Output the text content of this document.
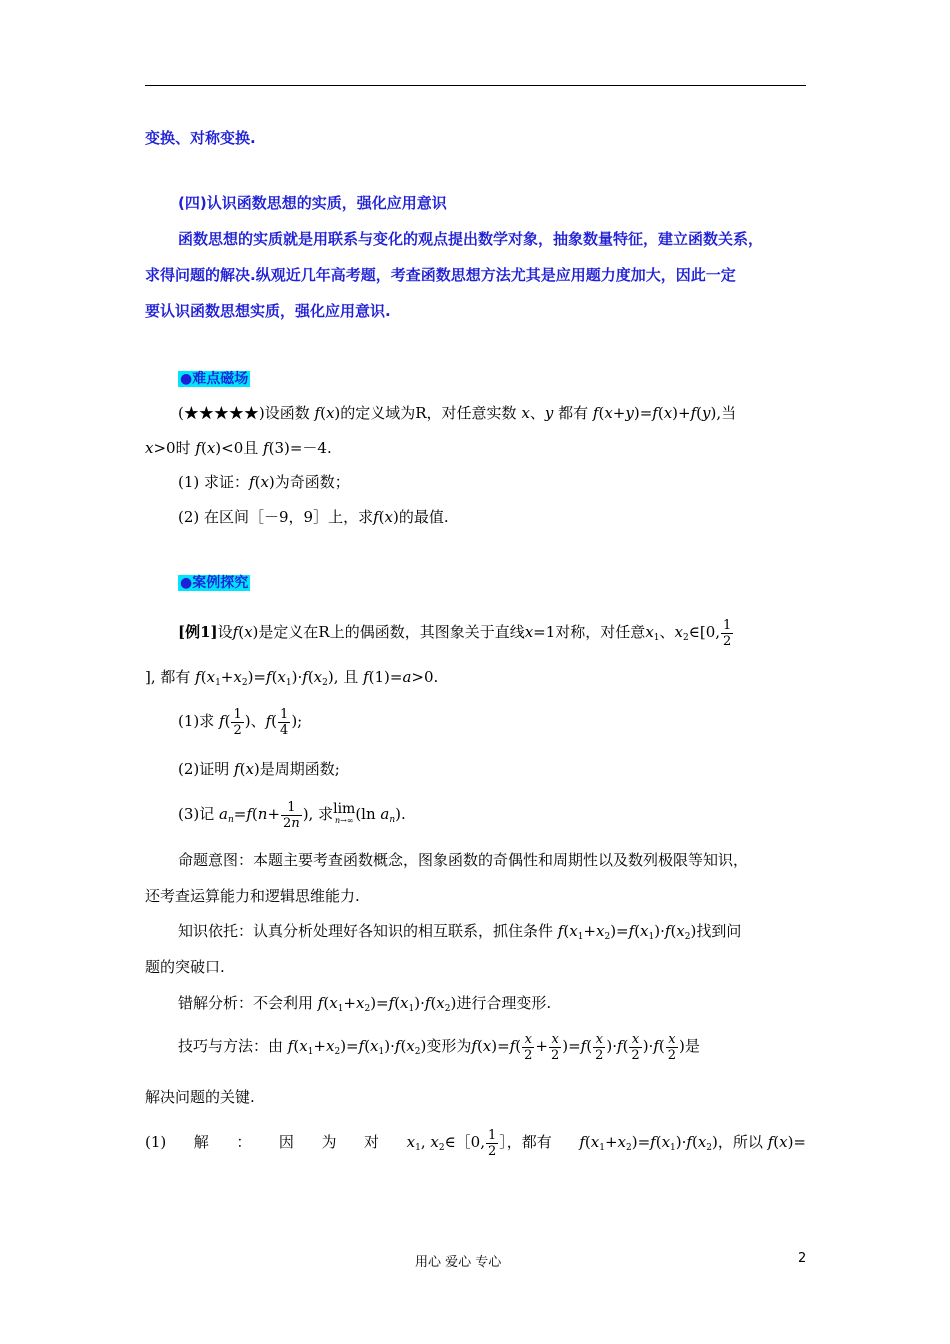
变换、对称变换.
(四)认识函数思想的实质，强化应用意识
函数思想的实质就是用联系与变化的观点提出数学对象，抽象数量特征，建立函数关系，
求得问题的解决.纵观近几年高考题，考查函数思想方法尤其是应用题力度加大，因此一定
要认识函数思想实质，强化应用意识.
●难点磁场
(★★★★★)设函数 f(x)的定义域为R，对任意实数 x、y 都有 f(x+y)=f(x)+f(y),当
x>0时 f(x)<0且 f(3)=－4.
(1) 求证：f(x)为奇函数；
(2) 在区间［－9，9］上，求f(x)的最值.
●案例探究
[例1]设f(x)是定义在R上的偶函数，其图象关于直线x=1对称，对任意$x_1$、$x_2\in[0$, $\frac{1}{2}$
], 都有 $f(x_1+x_2)=f(x_1)\cdot f(x_2)$, 且 f(1)=a>0.
(1)求 $f( \frac{1}{2}$ )、$f( \frac{1}{4}$ );
(2)证明 f(x)是周期函数;
(3)记 $a_n=f(n+ \frac{1}{2n}$ ), 求 lim
n→∞ (ln $a_n$).
命题意图：本题主要考查函数概念，图象函数的奇偶性和周期性以及数列极限等知识，
还考查运算能力和逻辑思维能力.
知识依托：认真分析处理好各知识的相互联系，抓住条件 $f(x_1+x_2)=f(x_1)\cdot f(x_2)$找到问
题的突破口.
错解分析：不会利用 $f(x_1+x_2)=f(x_1)\cdot f(x_2)$进行合理变形.
技巧与方法：由 $f(x_1+x_2)=f(x_1)\cdot f(x_2)$变形为$f(x)=f( \frac{x}{2} + \frac{x}{2} )=f( \frac{x}{2} )\cdot f( \frac{x}{2} )\cdot f( \frac{x}{2}$ )是
解决问题的关键.
(1) 解 ： 因 为 对 $x_1$, $x_2\in[0$, $\frac{1}{2}$ ］，都有 $f(x_1+x_2)=f(x_1)\cdot f(x_2)$，所以 f(x)=
用心 爱心 专心	2
